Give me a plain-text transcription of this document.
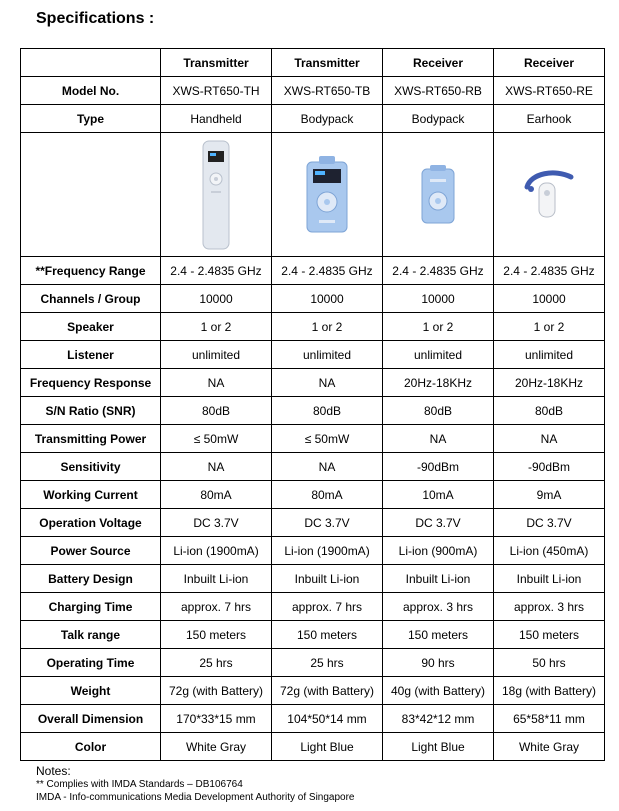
Specifications :
	Transmitter	Transmitter	Receiver	Receiver
Model No.	XWS-RT650-TH	XWS-RT650-TB	XWS-RT650-RB	XWS-RT650-RE
Type	Handheld	Bodypack	Bodypack	Earhook

**Frequency Range	2.4 - 2.4835 GHz	2.4 - 2.4835 GHz	2.4 - 2.4835 GHz	2.4 - 2.4835 GHz
Channels / Group	10000	10000	10000	10000
Speaker	1 or 2	1 or 2	1 or 2	1 or 2
Listener	unlimited	unlimited	unlimited	unlimited
Frequency Response	NA	NA	20Hz-18KHz	20Hz-18KHz
S/N Ratio (SNR)	80dB	80dB	80dB	80dB
Transmitting Power	≤ 50mW	≤ 50mW	NA	NA
Sensitivity	NA	NA	-90dBm	-90dBm
Working Current	80mA	80mA	10mA	9mA
Operation Voltage	DC 3.7V	DC 3.7V	DC 3.7V	DC 3.7V
Power Source	Li-ion (1900mA)	Li-ion (1900mA)	Li-ion (900mA)	Li-ion (450mA)
Battery Design	Inbuilt Li-ion	Inbuilt Li-ion	Inbuilt Li-ion	Inbuilt Li-ion
Charging Time	approx. 7 hrs	approx. 7 hrs	approx. 3 hrs	approx. 3 hrs
Talk range	150 meters	150 meters	150 meters	150 meters
Operating Time	25 hrs	25 hrs	90 hrs	50 hrs
Weight	72g (with Battery)	72g (with Battery)	40g (with Battery)	18g (with Battery)
Overall Dimension	170*33*15 mm	104*50*14 mm	83*42*12 mm	65*58*11 mm
Color	White Gray	Light Blue	Light Blue	White Gray
Notes:
** Complies with IMDA Standards – DB106764
IMDA - Info-communications Media Development Authority of Singapore
